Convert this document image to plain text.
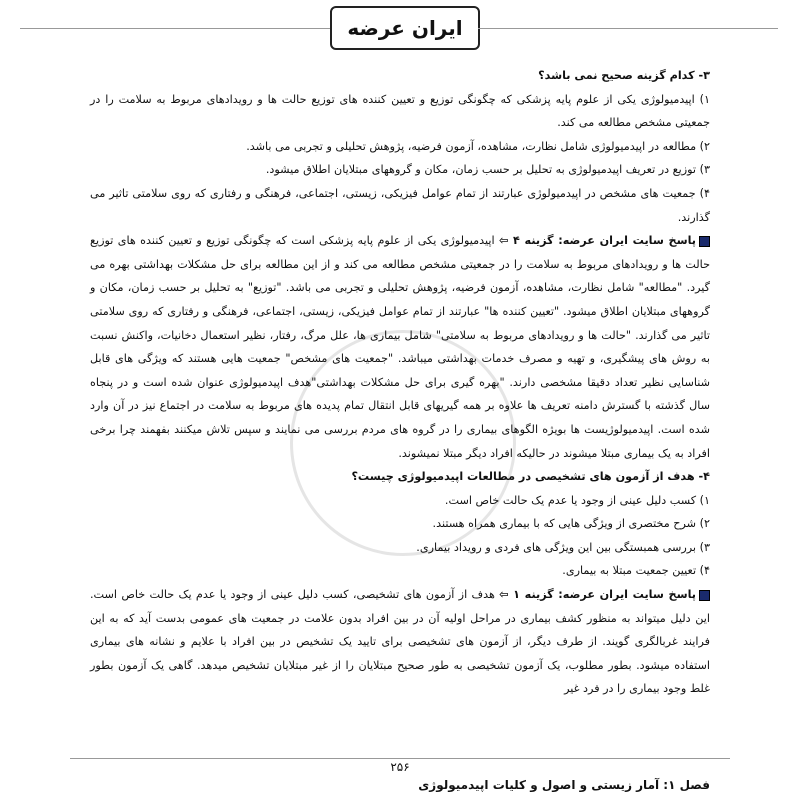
ایران عرضه

۳- کدام گزینه صحیح نمی باشد؟

۱) اپیدمیولوژی یکی از علوم پایه پزشکی که چگونگی توزیع و تعیین کننده های توزیع حالت ها و رویدادهای مربوط به سلامت را در جمعیتی مشخص مطالعه می کند.

۲) مطالعه در اپیدمیولوژی شامل نظارت، مشاهده، آزمون فرضیه، پژوهش تحلیلی و تجربی می باشد.

۳) توزیع در تعریف اپیدمیولوژی به تحلیل بر حسب زمان، مکان و گروههای مبتلایان اطلاق میشود.

۴) جمعیت های مشخص در اپیدمیولوژی عبارتند از تمام عوامل فیزیکی، زیستی، اجتماعی، فرهنگی و رفتاری که روی سلامتی تاثیر می گذارند.

پاسخ سایت ایران عرضه: گزینه ۴ ⇦ اپیدمیولوژی یکی از علوم پایه پزشکی است که چگونگی توزیع و تعیین کننده های توزیع حالت ها و رویدادهای مربوط به سلامت را در جمعیتی مشخص مطالعه می کند و از این مطالعه برای حل مشکلات بهداشتی بهره می گیرد. "مطالعه" شامل نظارت، مشاهده، آزمون فرضیه، پژوهش تحلیلی و تجربی می باشد. "توزیع" به تحلیل بر حسب زمان، مکان و گروههای مبتلایان اطلاق میشود. "تعیین کننده ها" عبارتند از تمام عوامل فیزیکی، زیستی، اجتماعی، فرهنگی و رفتاری که روی سلامتی تاثیر می گذارند. "حالت ها و رویدادهای مربوط به سلامتی" شامل بیماری ها، علل مرگ، رفتار، نظیر استعمال دخانیات، واکنش نسبت به روش های پیشگیری، و تهیه و مصرف خدمات بهداشتی میباشد. "جمعیت های مشخص" جمعیت هایی هستند که ویژگی های قابل شناسایی نظیر تعداد دقیقا مشخصی دارند. "بهره گیری برای حل مشکلات بهداشتی"هدف اپیدمیولوژی عنوان شده است و در پنجاه سال گذشته با گسترش دامنه تعریف ها علاوه بر همه گیریهای قابل انتقال تمام پدیده های مربوط به سلامت در اجتماع نیز در آن وارد شده است. اپیدمیولوژیست ها بویژه الگوهای بیماری را در گروه های مردم بررسی می نمایند و سپس تلاش میکنند بفهمند چرا برخی افراد به یک بیماری مبتلا میشوند در حالیکه افراد دیگر مبتلا نمیشوند.

۴- هدف از آزمون های تشخیصی در مطالعات اپیدمیولوژی چیست؟

۱) کسب دلیل عینی از وجود یا عدم یک حالت خاص است.

۲) شرح مختصری از ویژگی هایی که با بیماری همراه هستند.

۳) بررسی همبستگی بین این ویژگی های فردی و رویداد بیماری.

۴) تعیین جمعیت مبتلا به بیماری.

پاسخ سایت ایران عرضه: گزینه ۱ ⇦ هدف از آزمون های تشخیصی، کسب دلیل عینی از وجود یا عدم یک حالت خاص است. این دلیل میتواند به منظور کشف بیماری در مراحل اولیه آن در بین افراد بدون علامت در جمعیت های عمومی بدست آید که به این فرایند غربالگری گویند. از طرف دیگر، از آزمون های تشخیصی برای تایید یک تشخیص در بین افراد با علایم و نشانه های بیماری استفاده میشود. بطور مطلوب، یک آزمون تشخیصی به طور صحیح مبتلایان را از غیر مبتلایان تشخیص میدهد. گاهی یک آزمون بطور غلط وجود بیماری را در فرد غیر

۲۵۶
فصل ۱: آمار زیستی و اصول و کلیات اپیدمیولوژی
